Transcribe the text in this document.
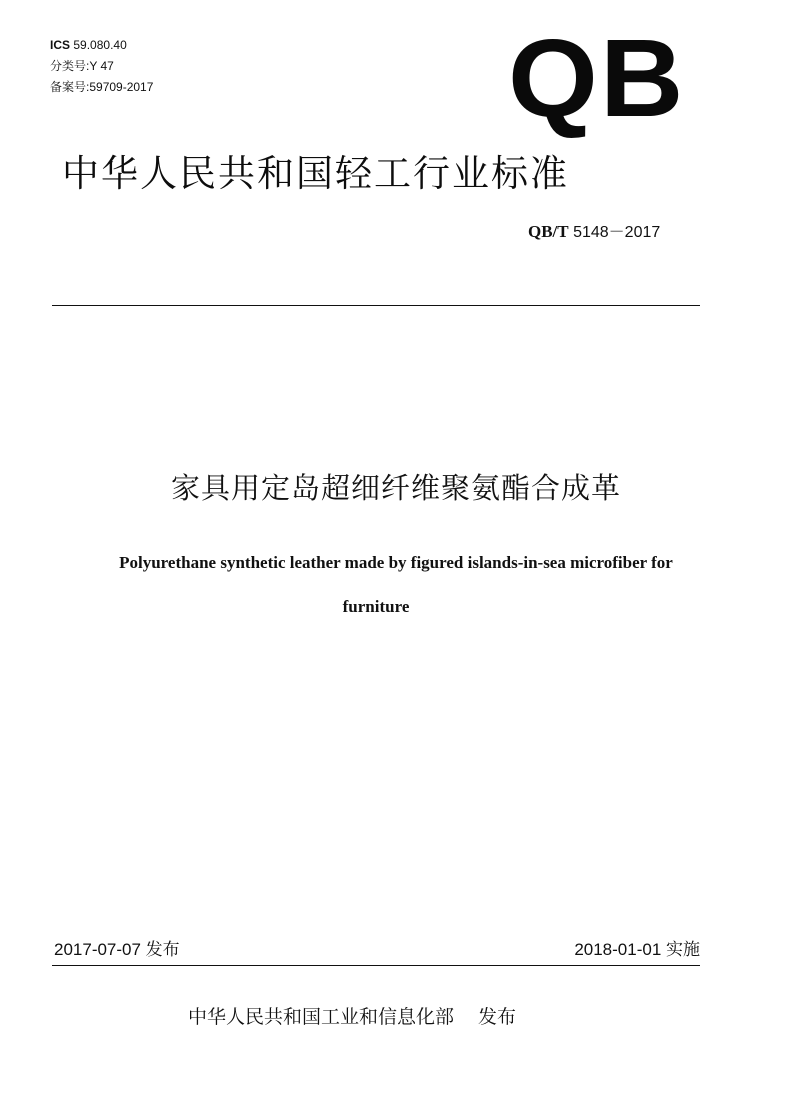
ICS 59.080.40
分类号:Y 47
备案号:59709-2017	QB
中华人民共和国轻工行业标准
QB/T 5148－2017
家具用定岛超细纤维聚氨酯合成革
Polyurethane synthetic leather made by figured islands-in-sea microfiber for
furniture
2017-07-07 发布	2018-01-01 实施
中华人民共和国工业和信息化部 发布
